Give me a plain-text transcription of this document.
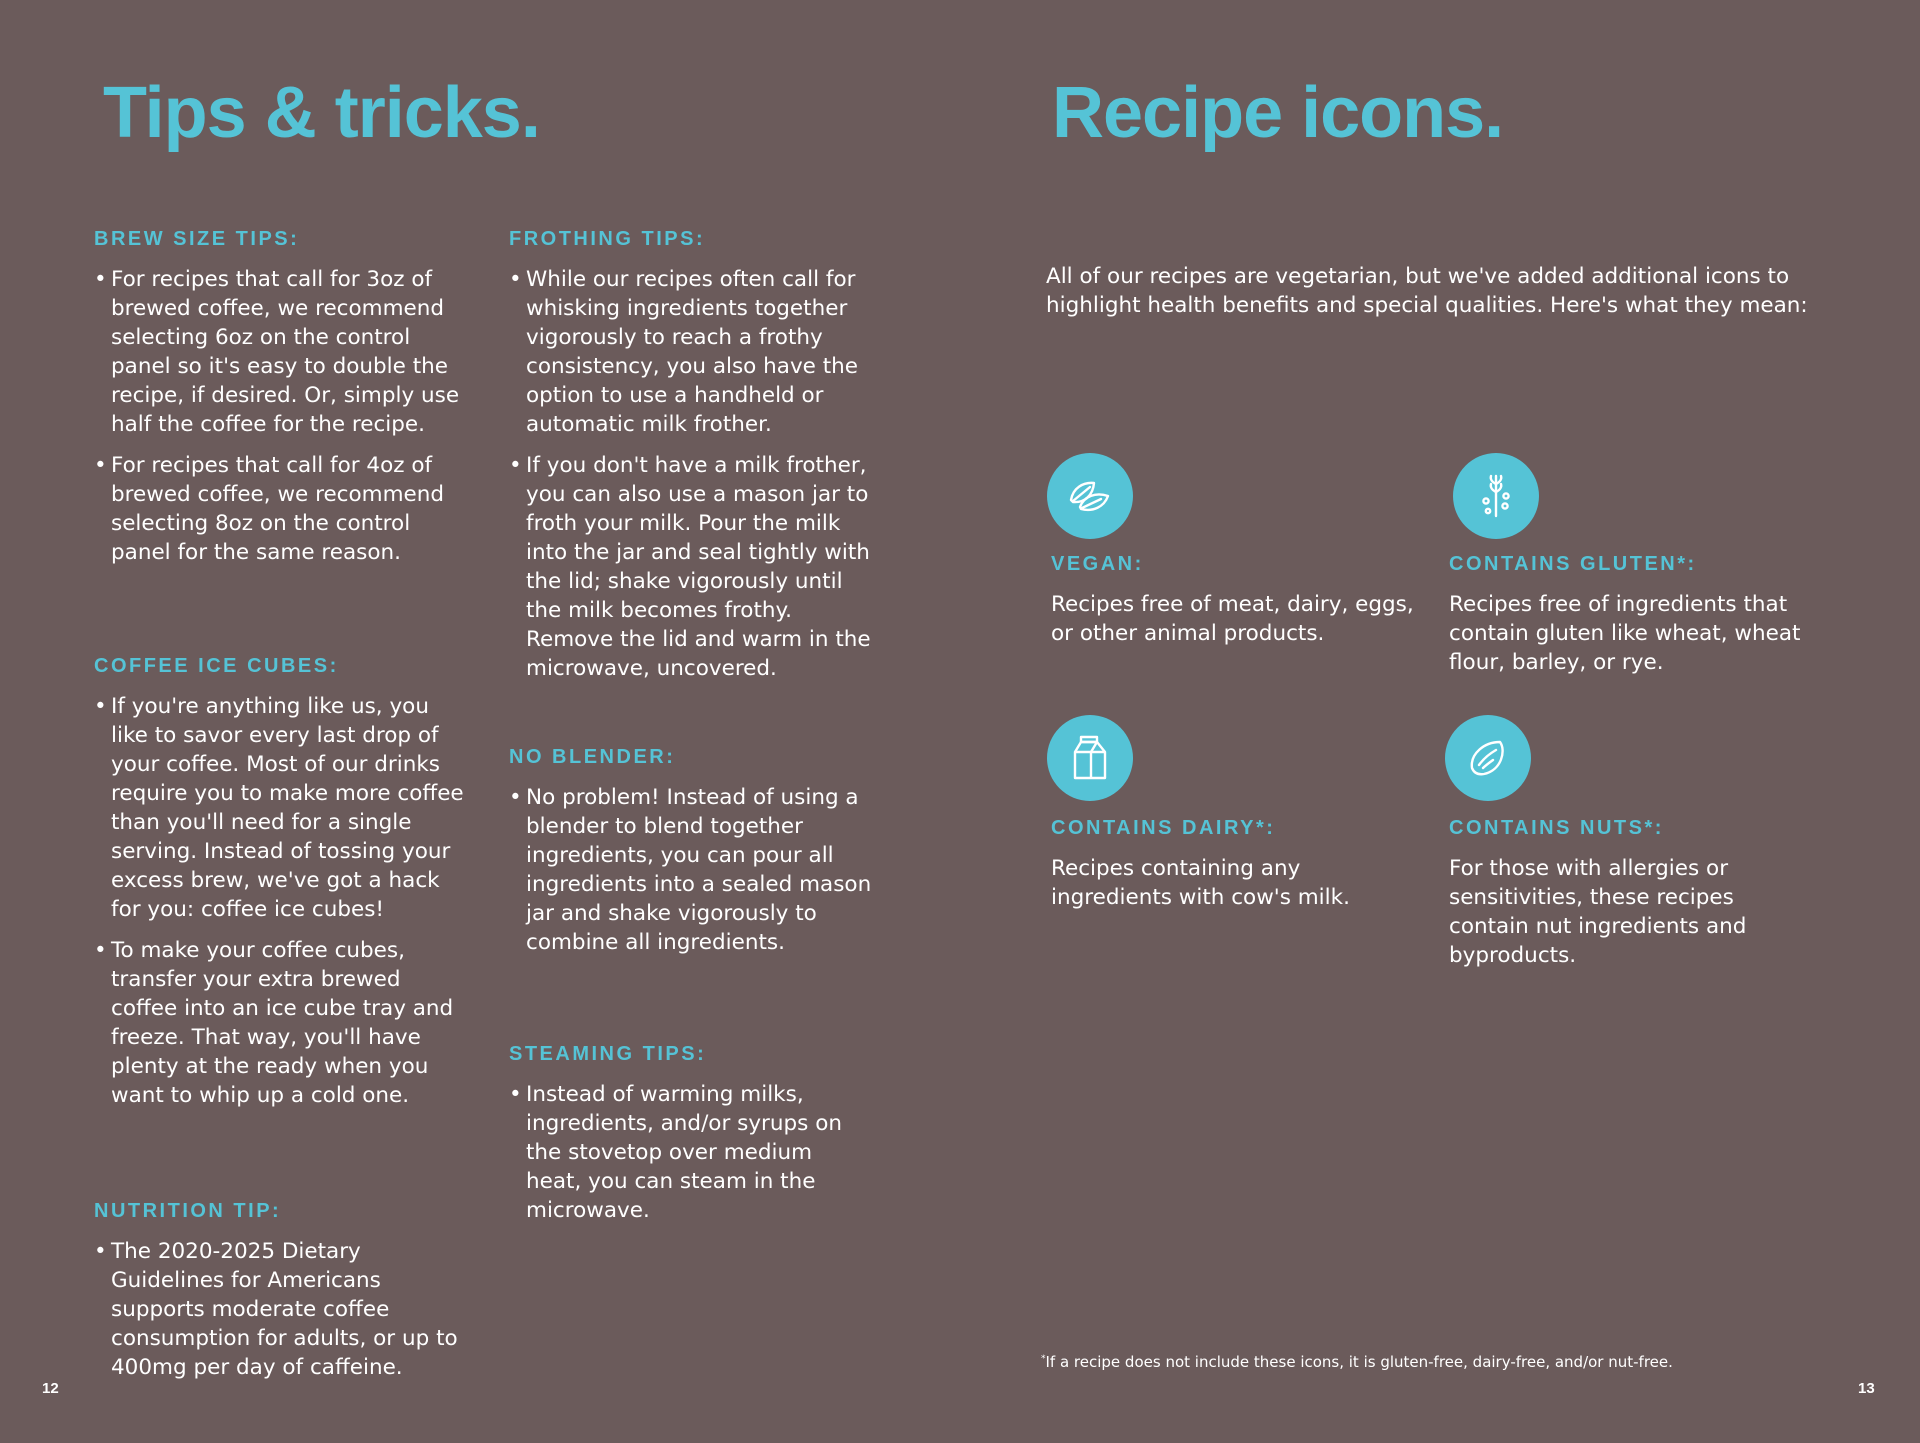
Tips & tricks.
BREW SIZE TIPS:
• For recipes that call for 3oz of brewed coffee, we recommend selecting 6oz on the control panel so it's easy to double the recipe, if desired. Or, simply use half the coffee for the recipe.
• For recipes that call for 4oz of brewed coffee, we recommend selecting 8oz on the control panel for the same reason.
COFFEE ICE CUBES:
• If you're anything like us, you like to savor every last drop of your coffee. Most of our drinks require you to make more coffee than you'll need for a single serving. Instead of tossing your excess brew, we've got a hack for you: coffee ice cubes!
• To make your coffee cubes, transfer your extra brewed coffee into an ice cube tray and freeze. That way, you'll have plenty at the ready when you want to whip up a cold one.
NUTRITION TIP:
• The 2020-2025 Dietary Guidelines for Americans supports moderate coffee consumption for adults, or up to 400mg per day of caffeine.
FROTHING TIPS:
• While our recipes often call for whisking ingredients together vigorously to reach a frothy consistency, you also have the option to use a handheld or automatic milk frother.
• If you don't have a milk frother, you can also use a mason jar to froth your milk. Pour the milk into the jar and seal tightly with the lid; shake vigorously until the milk becomes frothy. Remove the lid and warm in the microwave, uncovered.
NO BLENDER:
• No problem! Instead of using a blender to blend together ingredients, you can pour all ingredients into a sealed mason jar and shake vigorously to combine all ingredients.
STEAMING TIPS:
• Instead of warming milks, ingredients, and/or syrups on the stovetop over medium heat, you can steam in the microwave.
12
Recipe icons.

All of our recipes are vegetarian, but we've added additional icons to highlight health benefits and special qualities. Here's what they mean:

VEGAN:

Recipes free of meat, dairy, eggs, or other animal products.

CONTAINS GLUTEN*:

Recipes free of ingredients that contain gluten like wheat, wheat flour, barley, or rye.

CONTAINS DAIRY*:

Recipes containing any ingredients with cow's milk.

CONTAINS NUTS*:

For those with allergies or sensitivities, these recipes contain nut ingredients and byproducts.

*If a recipe does not include these icons, it is gluten-free, dairy-free, and/or nut-free.
13
